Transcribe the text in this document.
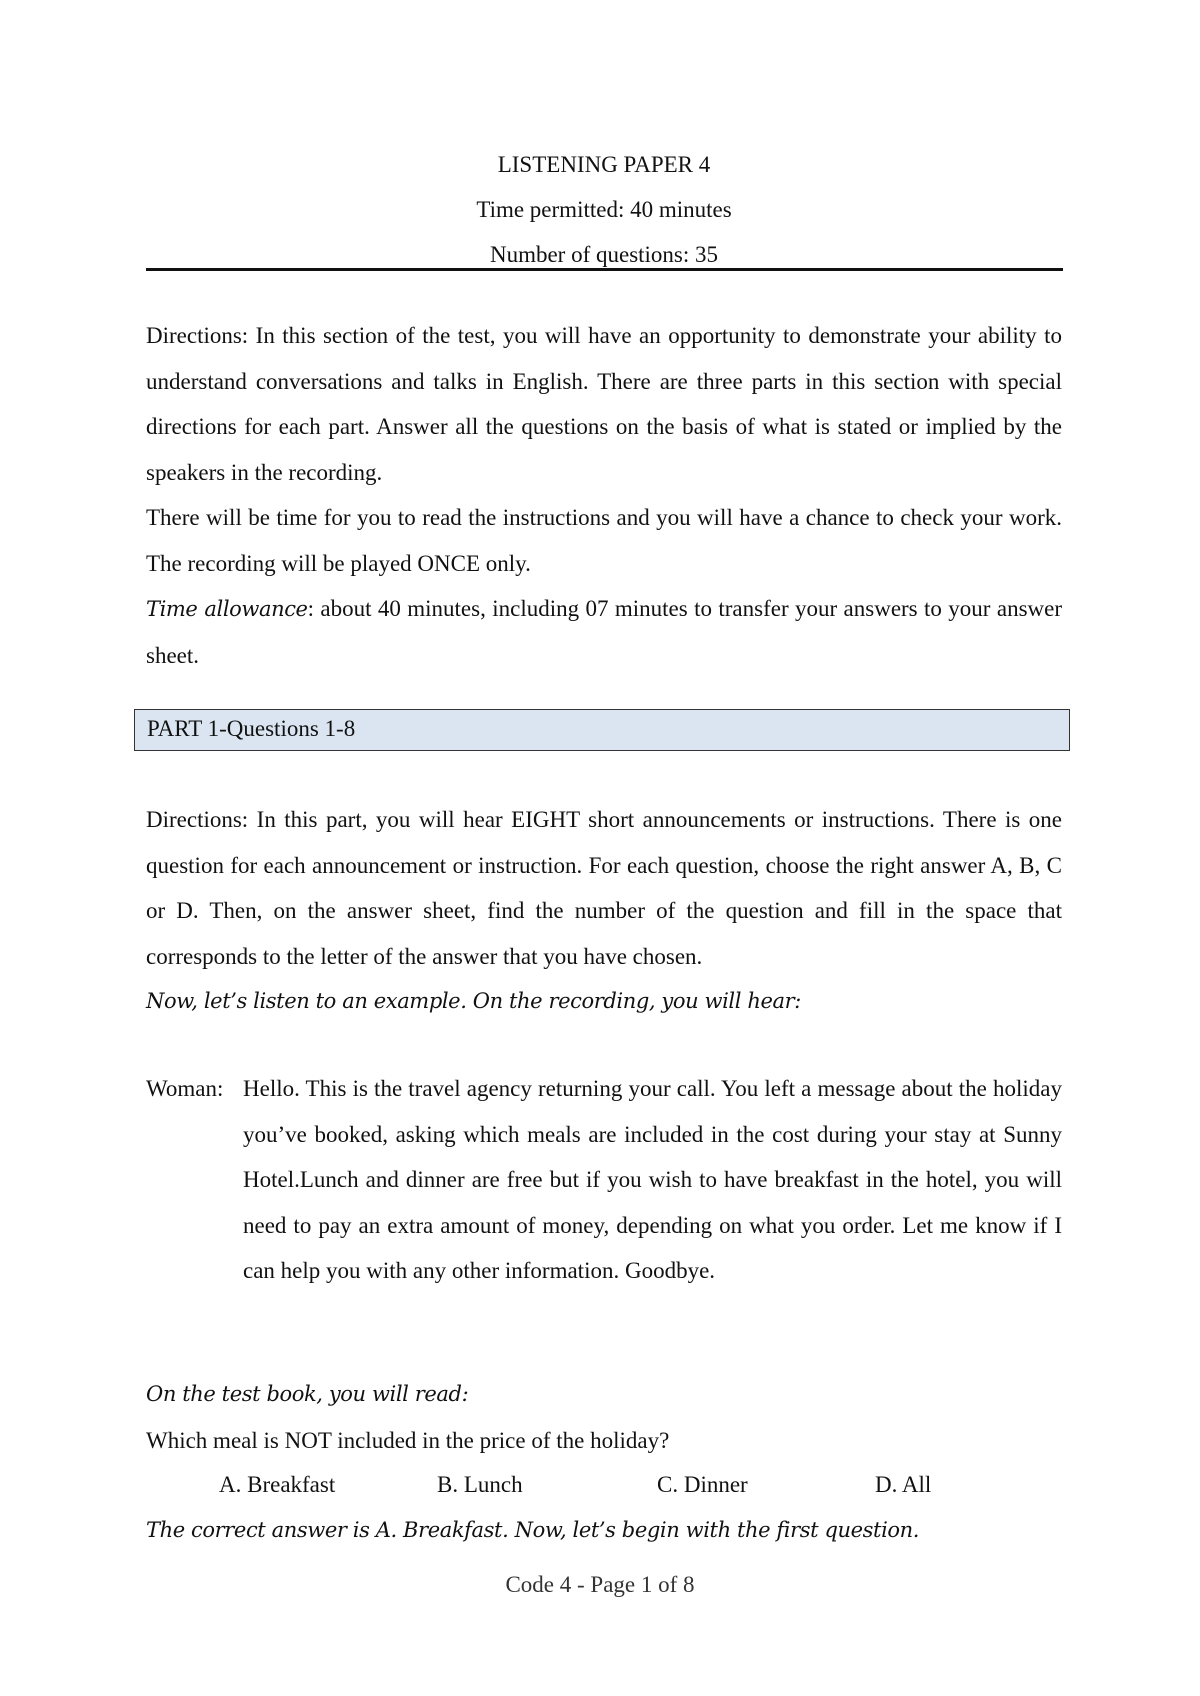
LISTENING PAPER 4
Time permitted: 40 minutes
Number of questions: 35
Directions: In this section of the test, you will have an opportunity to demonstrate your ability to understand conversations and talks in English. There are three parts in this section with special directions for each part. Answer all the questions on the basis of what is stated or implied by the speakers in the recording.
There will be time for you to read the instructions and you will have a chance to check your work. The recording will be played ONCE only.
Time allowance: about 40 minutes, including 07 minutes to transfer your answers to your answer sheet.
PART 1-Questions 1-8
Directions: In this part, you will hear EIGHT short announcements or instructions. There is one question for each announcement or instruction. For each question, choose the right answer A, B, C or D. Then, on the answer sheet, find the number of the question and fill in the space that corresponds to the letter of the answer that you have chosen.
Now, let’s listen to an example. On the recording, you will hear:
Woman: Hello. This is the travel agency returning your call. You left a message about the holiday you’ve booked, asking which meals are included in the cost during your stay at Sunny Hotel.Lunch and dinner are free but if you wish to have breakfast in the hotel, you will need to pay an extra amount of money, depending on what you order. Let me know if I can help you with any other information. Goodbye.
On the test book, you will read:
Which meal is NOT included in the price of the holiday?
A. Breakfast	B. Lunch	C. Dinner	D. All
The correct answer is A. Breakfast. Now, let’s begin with the first question.
Code 4 - Page 1 of 8
